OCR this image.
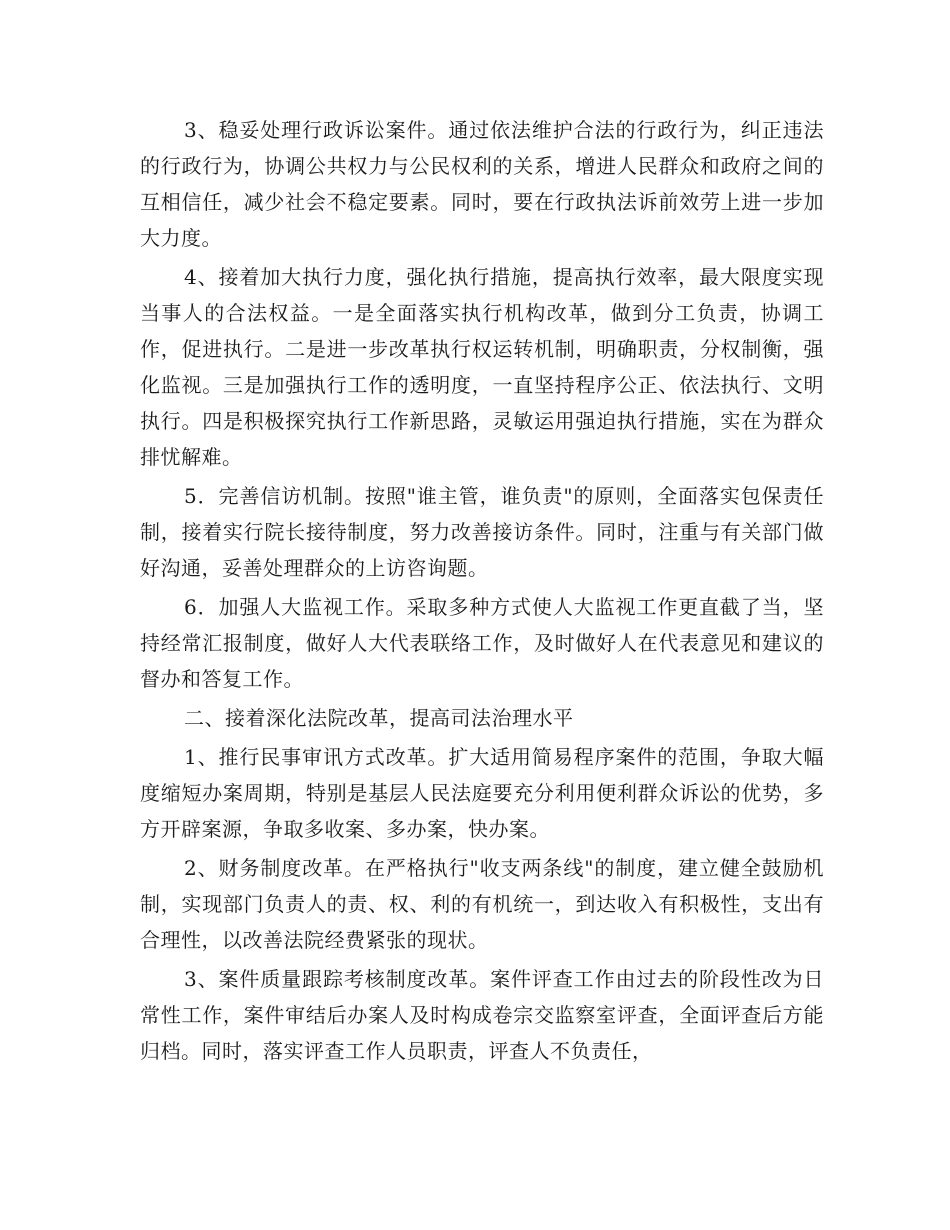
3、稳妥处理行政诉讼案件。通过依法维护合法的行政行为，纠正违法的行政行为，协调公共权力与公民权利的关系，增进人民群众和政府之间的互相信任，减少社会不稳定要素。同时，要在行政执法诉前效劳上进一步加大力度。

4、接着加大执行力度，强化执行措施，提高执行效率，最大限度实现当事人的合法权益。一是全面落实执行机构改革，做到分工负责，协调工作，促进执行。二是进一步改革执行权运转机制，明确职责，分权制衡，强化监视。三是加强执行工作的透明度，一直坚持程序公正、依法执行、文明执行。四是积极探究执行工作新思路，灵敏运用强迫执行措施，实在为群众排忧解难。

5．完善信访机制。按照"谁主管，谁负责"的原则，全面落实包保责任制，接着实行院长接待制度，努力改善接访条件。同时，注重与有关部门做好沟通，妥善处理群众的上访咨询题。

6．加强人大监视工作。采取多种方式使人大监视工作更直截了当，坚持经常汇报制度，做好人大代表联络工作，及时做好人在代表意见和建议的督办和答复工作。

二、接着深化法院改革，提高司法治理水平

1、推行民事审讯方式改革。扩大适用简易程序案件的范围，争取大幅度缩短办案周期，特别是基层人民法庭要充分利用便利群众诉讼的优势，多方开辟案源，争取多收案、多办案，快办案。

2、财务制度改革。在严格执行"收支两条线"的制度，建立健全鼓励机制，实现部门负责人的责、权、利的有机统一，到达收入有积极性，支出有合理性，以改善法院经费紧张的现状。

3、案件质量跟踪考核制度改革。案件评查工作由过去的阶段性改为日常性工作，案件审结后办案人及时构成卷宗交监察室评查，全面评查后方能归档。同时，落实评查工作人员职责，评查人不负责任，
